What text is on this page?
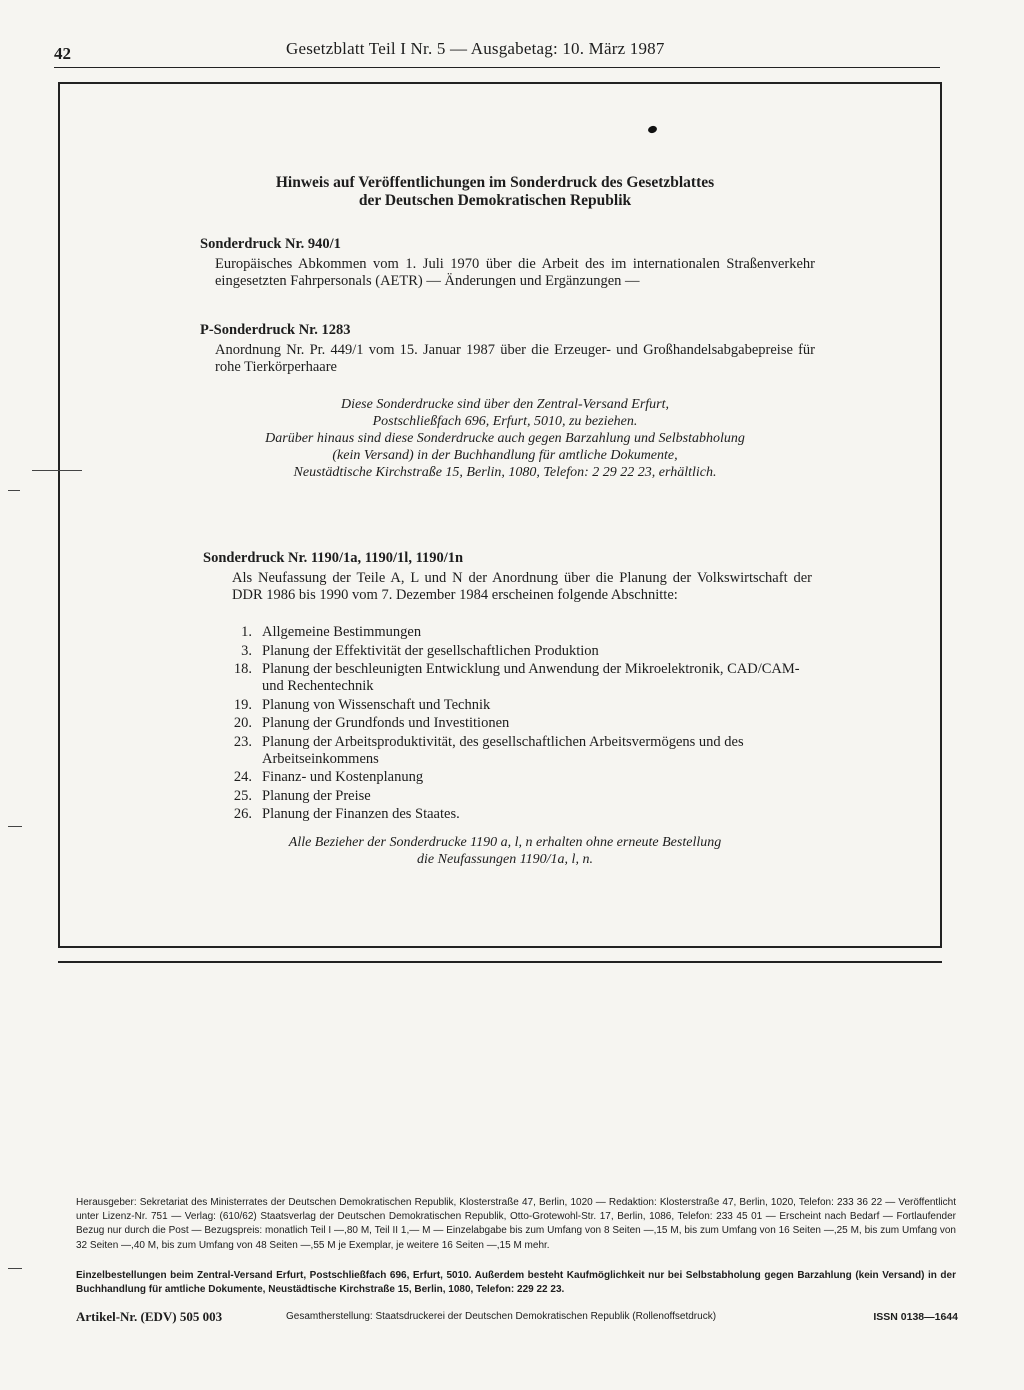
42	Gesetzblatt Teil I Nr. 5 — Ausgabetag: 10. März 1987
Hinweis auf Veröffentlichungen im Sonderdruck des Gesetzblattes
der Deutschen Demokratischen Republik
Sonderdruck Nr. 940/1

Europäisches Abkommen vom 1. Juli 1970 über die Arbeit des im internationalen Straßenverkehr eingesetzten Fahrpersonals (AETR) — Änderungen und Ergänzungen —

P-Sonderdruck Nr. 1283

Anordnung Nr. Pr. 449/1 vom 15. Januar 1987 über die Erzeuger- und Großhandelsabgabepreise für rohe Tierkörperhaare

Diese Sonderdrucke sind über den Zentral-Versand Erfurt,

Postschließfach 696, Erfurt, 5010, zu beziehen.

Darüber hinaus sind diese Sonderdrucke auch gegen Barzahlung und Selbstabholung

(kein Versand) in der Buchhandlung für amtliche Dokumente,

Neustädtische Kirchstraße 15, Berlin, 1080, Telefon: 2 29 22 23, erhältlich.

Sonderdruck Nr. 1190/1a, 1190/1l, 1190/1n

Als Neufassung der Teile A, L und N der Anordnung über die Planung der Volkswirtschaft der DDR 1986 bis 1990 vom 7. Dezember 1984 erscheinen folgende Abschnitte:

1. Allgemeine Bestimmungen
3. Planung der Effektivität der gesellschaftlichen Produktion
18. Planung der beschleunigten Entwicklung und Anwendung der Mikroelektronik, CAD/CAM- und Rechentechnik
19. Planung von Wissenschaft und Technik
20. Planung der Grundfonds und Investitionen
23. Planung der Arbeitsproduktivität, des gesellschaftlichen Arbeitsvermögens und des Arbeitseinkommens
24. Finanz- und Kostenplanung
25. Planung der Preise
26. Planung der Finanzen des Staates.

Alle Bezieher der Sonderdrucke 1190 a, l, n erhalten ohne erneute Bestellung

die Neufassungen 1190/1a, l, n.

Herausgeber: Sekretariat des Ministerrates der Deutschen Demokratischen Republik, Klosterstraße 47, Berlin, 1020 — Redaktion: Klosterstraße 47, Berlin, 1020, Telefon: 233 36 22 — Veröffentlicht unter Lizenz-Nr. 751 — Verlag: (610/62) Staatsverlag der Deutschen Demokratischen Republik, Otto-Grotewohl-Str. 17, Berlin, 1086, Telefon: 233 45 01 — Erscheint nach Bedarf — Fortlaufender Bezug nur durch die Post — Bezugspreis: monatlich Teil I —,80 M, Teil II 1,— M — Einzelabgabe bis zum Umfang von 8 Seiten —,15 M, bis zum Umfang von 16 Seiten —,25 M, bis zum Umfang von 32 Seiten —,40 M, bis zum Umfang von 48 Seiten —,55 M je Exemplar, je weitere 16 Seiten —,15 M mehr.

Einzelbestellungen beim Zentral-Versand Erfurt, Postschließfach 696, Erfurt, 5010. Außerdem besteht Kaufmöglichkeit nur bei Selbstabholung gegen Barzahlung (kein Versand) in der Buchhandlung für amtliche Dokumente, Neustädtische Kirchstraße 15, Berlin, 1080, Telefon: 229 22 23.

Artikel-Nr. (EDV) 505 003	Gesamtherstellung: Staatsdruckerei der Deutschen Demokratischen Republik (Rollenoffsetdruck)	ISSN 0138—1644
